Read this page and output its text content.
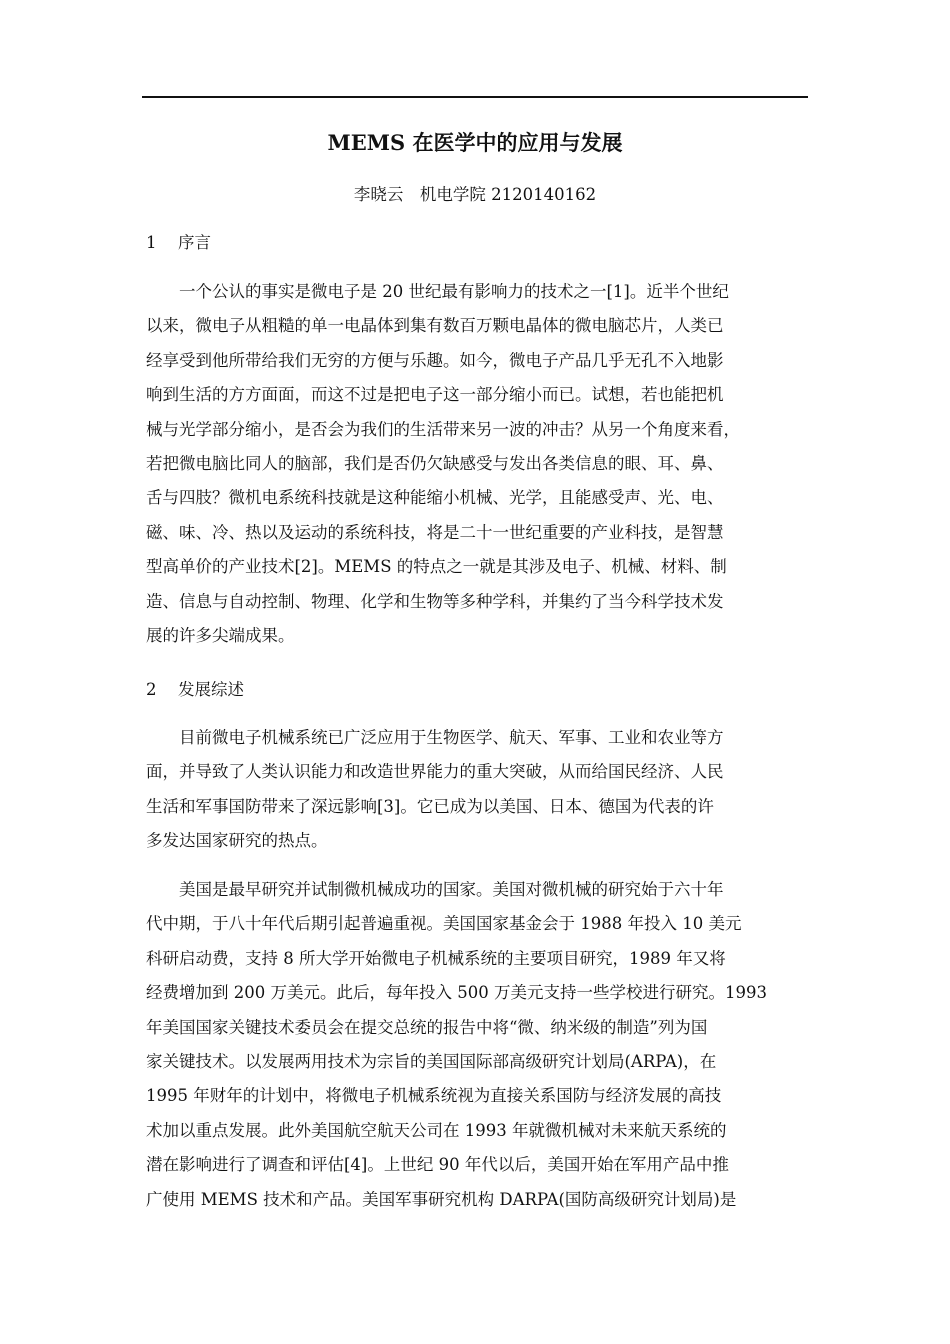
MEMS 在医学中的应用与发展
李晓云　机电学院 2120140162
1 序言
　　一个公认的事实是微电子是 20 世纪最有影响力的技术之一[1]。近半个世纪
以来，微电子从粗糙的单一电晶体到集有数百万颗电晶体的微电脑芯片，人类已
经享受到他所带给我们无穷的方便与乐趣。如今，微电子产品几乎无孔不入地影
响到生活的方方面面，而这不过是把电子这一部分缩小而已。试想，若也能把机
械与光学部分缩小，是否会为我们的生活带来另一波的冲击？从另一个角度来看，
若把微电脑比同人的脑部，我们是否仍欠缺感受与发出各类信息的眼、耳、鼻、
舌与四肢？微机电系统科技就是这种能缩小机械、光学，且能感受声、光、电、
磁、味、冷、热以及运动的系统科技，将是二十一世纪重要的产业科技，是智慧
型高单价的产业技术[2]。MEMS 的特点之一就是其涉及电子、机械、材料、制
造、信息与自动控制、物理、化学和生物等多种学科，并集约了当今科学技术发
展的许多尖端成果。
2 发展综述
　　目前微电子机械系统已广泛应用于生物医学、航天、军事、工业和农业等方
面，并导致了人类认识能力和改造世界能力的重大突破，从而给国民经济、人民
生活和军事国防带来了深远影响[3]。它已成为以美国、日本、德国为代表的许
多发达国家研究的热点。
　　美国是最早研究并试制微机械成功的国家。美国对微机械的研究始于六十年
代中期，于八十年代后期引起普遍重视。美国国家基金会于 1988 年投入 10 美元
科研启动费，支持 8 所大学开始微电子机械系统的主要项目研究，1989 年又将
经费增加到 200 万美元。此后，每年投入 500 万美元支持一些学校进行研究。1993
年美国国家关键技术委员会在提交总统的报告中将“微、纳米级的制造”列为国
家关键技术。以发展两用技术为宗旨的美国国际部高级研究计划局(ARPA)，在
1995 年财年的计划中，将微电子机械系统视为直接关系国防与经济发展的高技
术加以重点发展。此外美国航空航天公司在 1993 年就微机械对未来航天系统的
潜在影响进行了调查和评估[4]。上世纪 90 年代以后，美国开始在军用产品中推
广使用 MEMS 技术和产品。美国军事研究机构 DARPA(国防高级研究计划局)是
